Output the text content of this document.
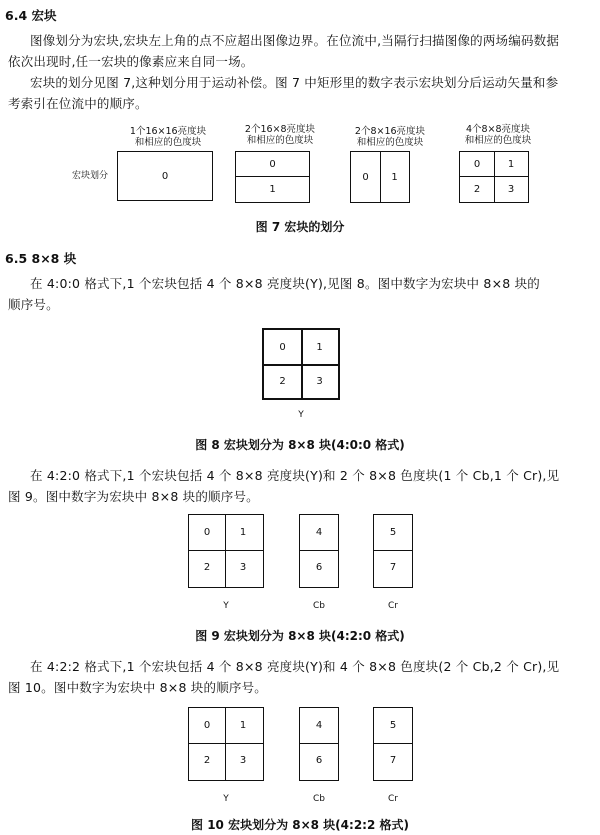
6.4 宏块
图像划分为宏块,宏块左上角的点不应超出图像边界。在位流中,当隔行扫描图像的两场编码数据
依次出现时,任一宏块的像素应来自同一场。
宏块的划分见图 7,这种划分用于运动补偿。图 7 中矩形里的数字表示宏块划分后运动矢量和参
考索引在位流中的顺序。
宏块划分
1个16×16亮度块
和相应的色度块
0
2个16×8亮度块
和相应的色度块
0
1
2个8×16亮度块
和相应的色度块
0	1
4个8×8亮度块
和相应的色度块
0	1
2	3
图 7 宏块的划分
6.5 8×8 块
在 4:0:0 格式下,1 个宏块包括 4 个 8×8 亮度块(Y),见图 8。图中数字为宏块中 8×8 块的
顺序号。
0	1
2	3
Y
图 8 宏块划分为 8×8 块(4:0:0 格式)
在 4:2:0 格式下,1 个宏块包括 4 个 8×8 亮度块(Y)和 2 个 8×8 色度块(1 个 Cb,1 个 Cr),见
图 9。图中数字为宏块中 8×8 块的顺序号。
0	1
2	3
4
6
5
7
Y	Cb	Cr
图 9 宏块划分为 8×8 块(4:2:0 格式)
在 4:2:2 格式下,1 个宏块包括 4 个 8×8 亮度块(Y)和 4 个 8×8 色度块(2 个 Cb,2 个 Cr),见
图 10。图中数字为宏块中 8×8 块的顺序号。
0	1
2	3
4
6
5
7
Y	Cb	Cr
图 10 宏块划分为 8×8 块(4:2:2 格式)
